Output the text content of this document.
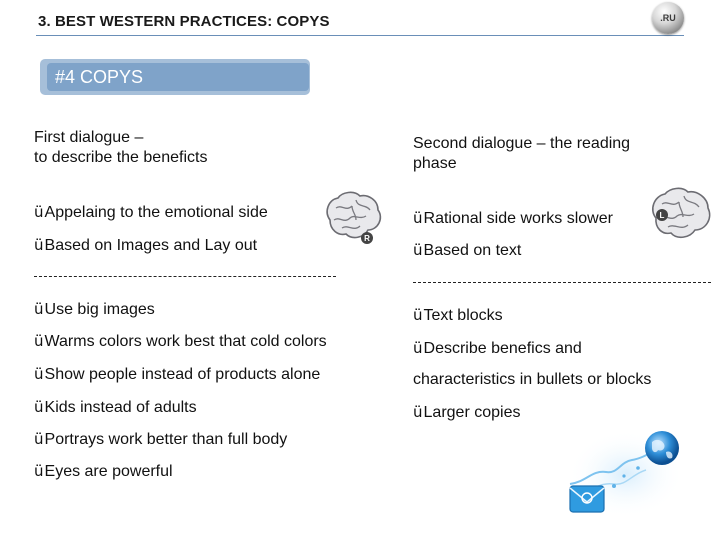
3. BEST WESTERN PRACTICES: COPYS	.RU
#4 COPYS
First dialogue –
to describe the beneficts
Second dialogue – the reading
phase
üAppelaing to the emotional side
üBased on Images and Lay out
üRational side works slower
üBased on text
R
L
üUse big images
üWarms colors work best that cold colors
üShow people instead of products alone
üKids instead of adults
üPortrays work better than full body
üEyes are powerful
üText blocks
üDescribe benefics and
characteristics in bullets or blocks
üLarger copies
